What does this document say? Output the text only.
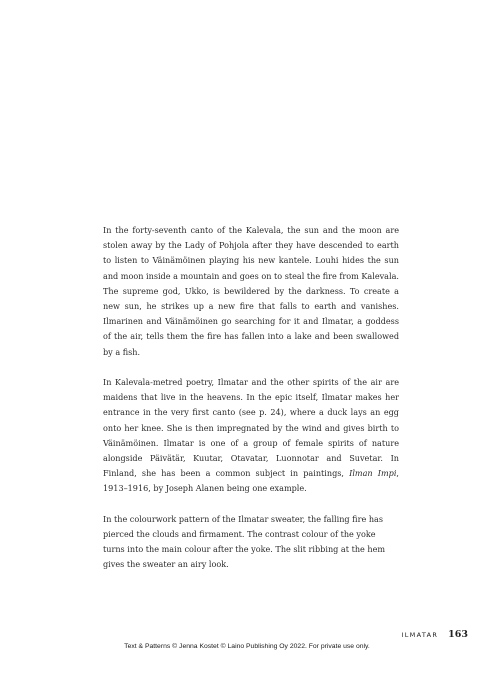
In the forty-seventh canto of the Kalevala, the sun and the moon are stolen away by the Lady of Pohjola after they have descended to earth to listen to Väinämöinen playing his new kantele. Louhi hides the sun and moon inside a mountain and goes on to steal the fire from Kalevala. The supreme god, Ukko, is bewildered by the darkness. To create a new sun, he strikes up a new fire that falls to earth and vanishes. Ilmarinen and Väinämöinen go searching for it and Ilmatar, a goddess of the air, tells them the fire has fallen into a lake and been swallowed by a fish.

In Kalevala-metred poetry, Ilmatar and the other spirits of the air are maidens that live in the heavens. In the epic itself, Ilmatar makes her entrance in the very first canto (see p. 24), where a duck lays an egg onto her knee. She is then impregnated by the wind and gives birth to Väinämöinen. Ilmatar is one of a group of female spirits of nature alongside Päivätär, Kuutar, Otavatar, Luonnotar and Suvetar. In Finland, she has been a common subject in paintings, Ilman Impi, 1913–1916, by Joseph Alanen being one example.

In the colourwork pattern of the Ilmatar sweater, the falling fire has pierced the clouds and firmament. The contrast colour of the yoke turns into the main colour after the yoke. The slit ribbing at the hem gives the sweater an airy look.

ILMATAR 163
Text & Patterns © Jenna Kostet © Laino Publishing Oy 2022. For private use only.
